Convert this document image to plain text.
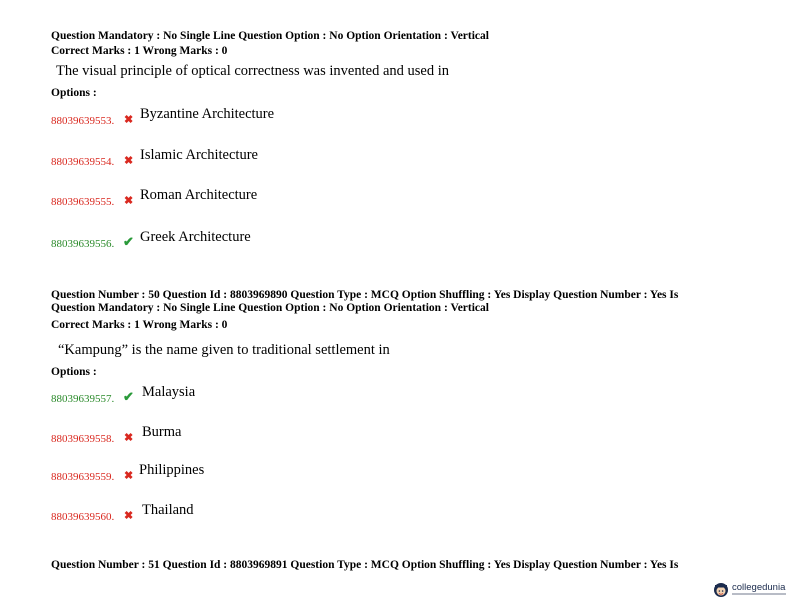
Question Mandatory : No Single Line Question Option : No Option Orientation : Vertical
Correct Marks : 1 Wrong Marks : 0
The visual principle of optical correctness was invented and used in
Options :
88039639553. ✖ Byzantine Architecture
88039639554. ✖ Islamic Architecture
88039639555. ✖ Roman Architecture
88039639556. ✔ Greek Architecture
Question Number : 50 Question Id : 8803969890 Question Type : MCQ Option Shuffling : Yes Display Question Number : Yes Is
Question Mandatory : No Single Line Question Option : No Option Orientation : Vertical
Correct Marks : 1 Wrong Marks : 0
“Kampung” is the name given to traditional settlement in
Options :
88039639557. ✔ Malaysia
88039639558. ✖ Burma
88039639559. ✖ Philippines
88039639560. ✖ Thailand
Question Number : 51 Question Id : 8803969891 Question Type : MCQ Option Shuffling : Yes Display Question Number : Yes Is
collegedunia
